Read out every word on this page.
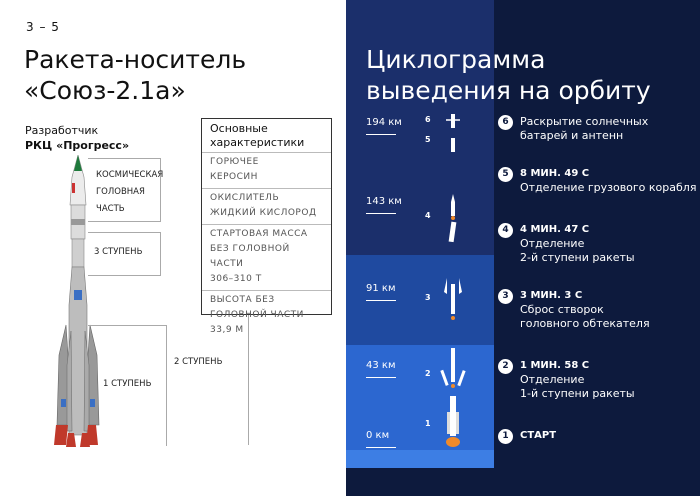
3 – 5
Ракета-носитель
«Союз-2.1а»
Разработчик
РКЦ «Прогресс»
КОСМИЧЕСКАЯ ГОЛОВНАЯ ЧАСТЬ
3 СТУПЕНЬ
2 СТУПЕНЬ
1 СТУПЕНЬ
Основные характеристики
ГОРЮЧЕЕ
КЕРОСИН
ОКИСЛИТЕЛЬ
ЖИДКИЙ КИСЛОРОД
СТАРТОВАЯ МАССА БЕЗ ГОЛОВНОЙ ЧАСТИ
306–310 Т
ВЫСОТА БЕЗ ГОЛОВНОЙ ЧАСТИ
33,9 М
Циклограмма
выведения на орбиту
194 км
143 км
91 км
43 км
0 км
6
5
4
3
2
1
6	Раскрытие солнечных
батарей и антенн
5	8 МИН. 49 С
Отделение грузового корабля
4	4 МИН. 47 С
Отделение
2-й ступени ракеты
3	3 МИН. 3 С
Сброс створок
головного обтекателя
2	1 МИН. 58 С
Отделение
1-й ступени ракеты
1	СТАРТ
